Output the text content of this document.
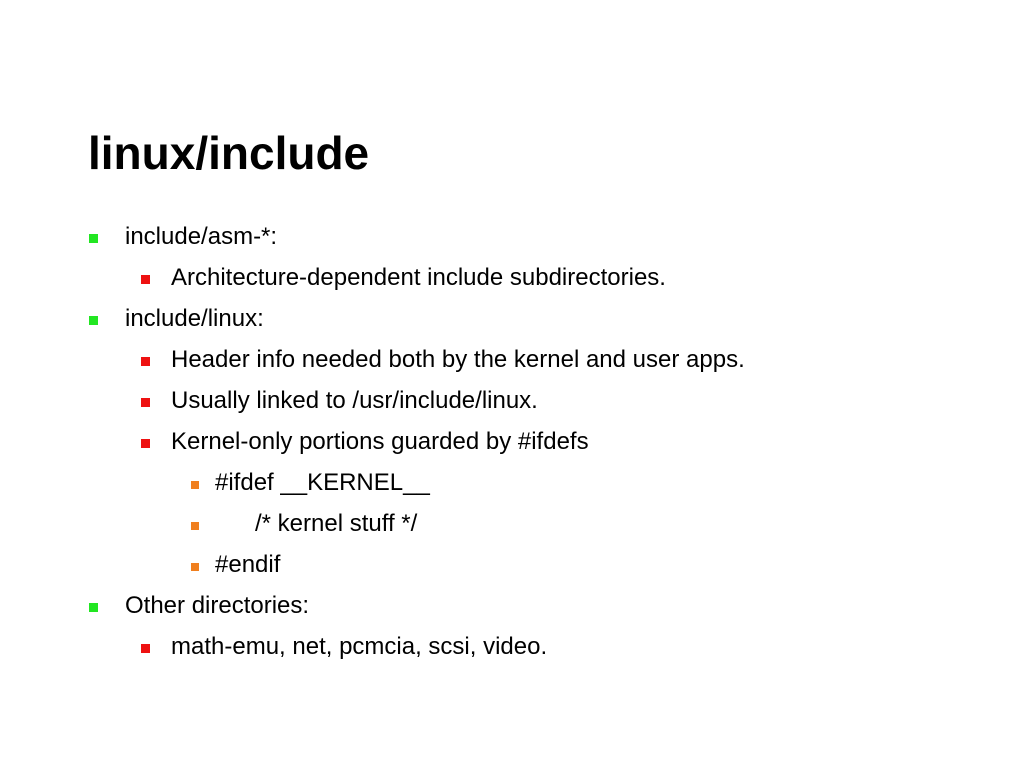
linux/include

include/asm-*:

Architecture-dependent include subdirectories.

include/linux:

Header info needed both by the kernel and user apps.

Usually linked to /usr/include/linux.

Kernel-only portions guarded by #ifdefs

#ifdef __KERNEL__

/* kernel stuff */

#endif

Other directories:

math-emu, net, pcmcia, scsi, video.
